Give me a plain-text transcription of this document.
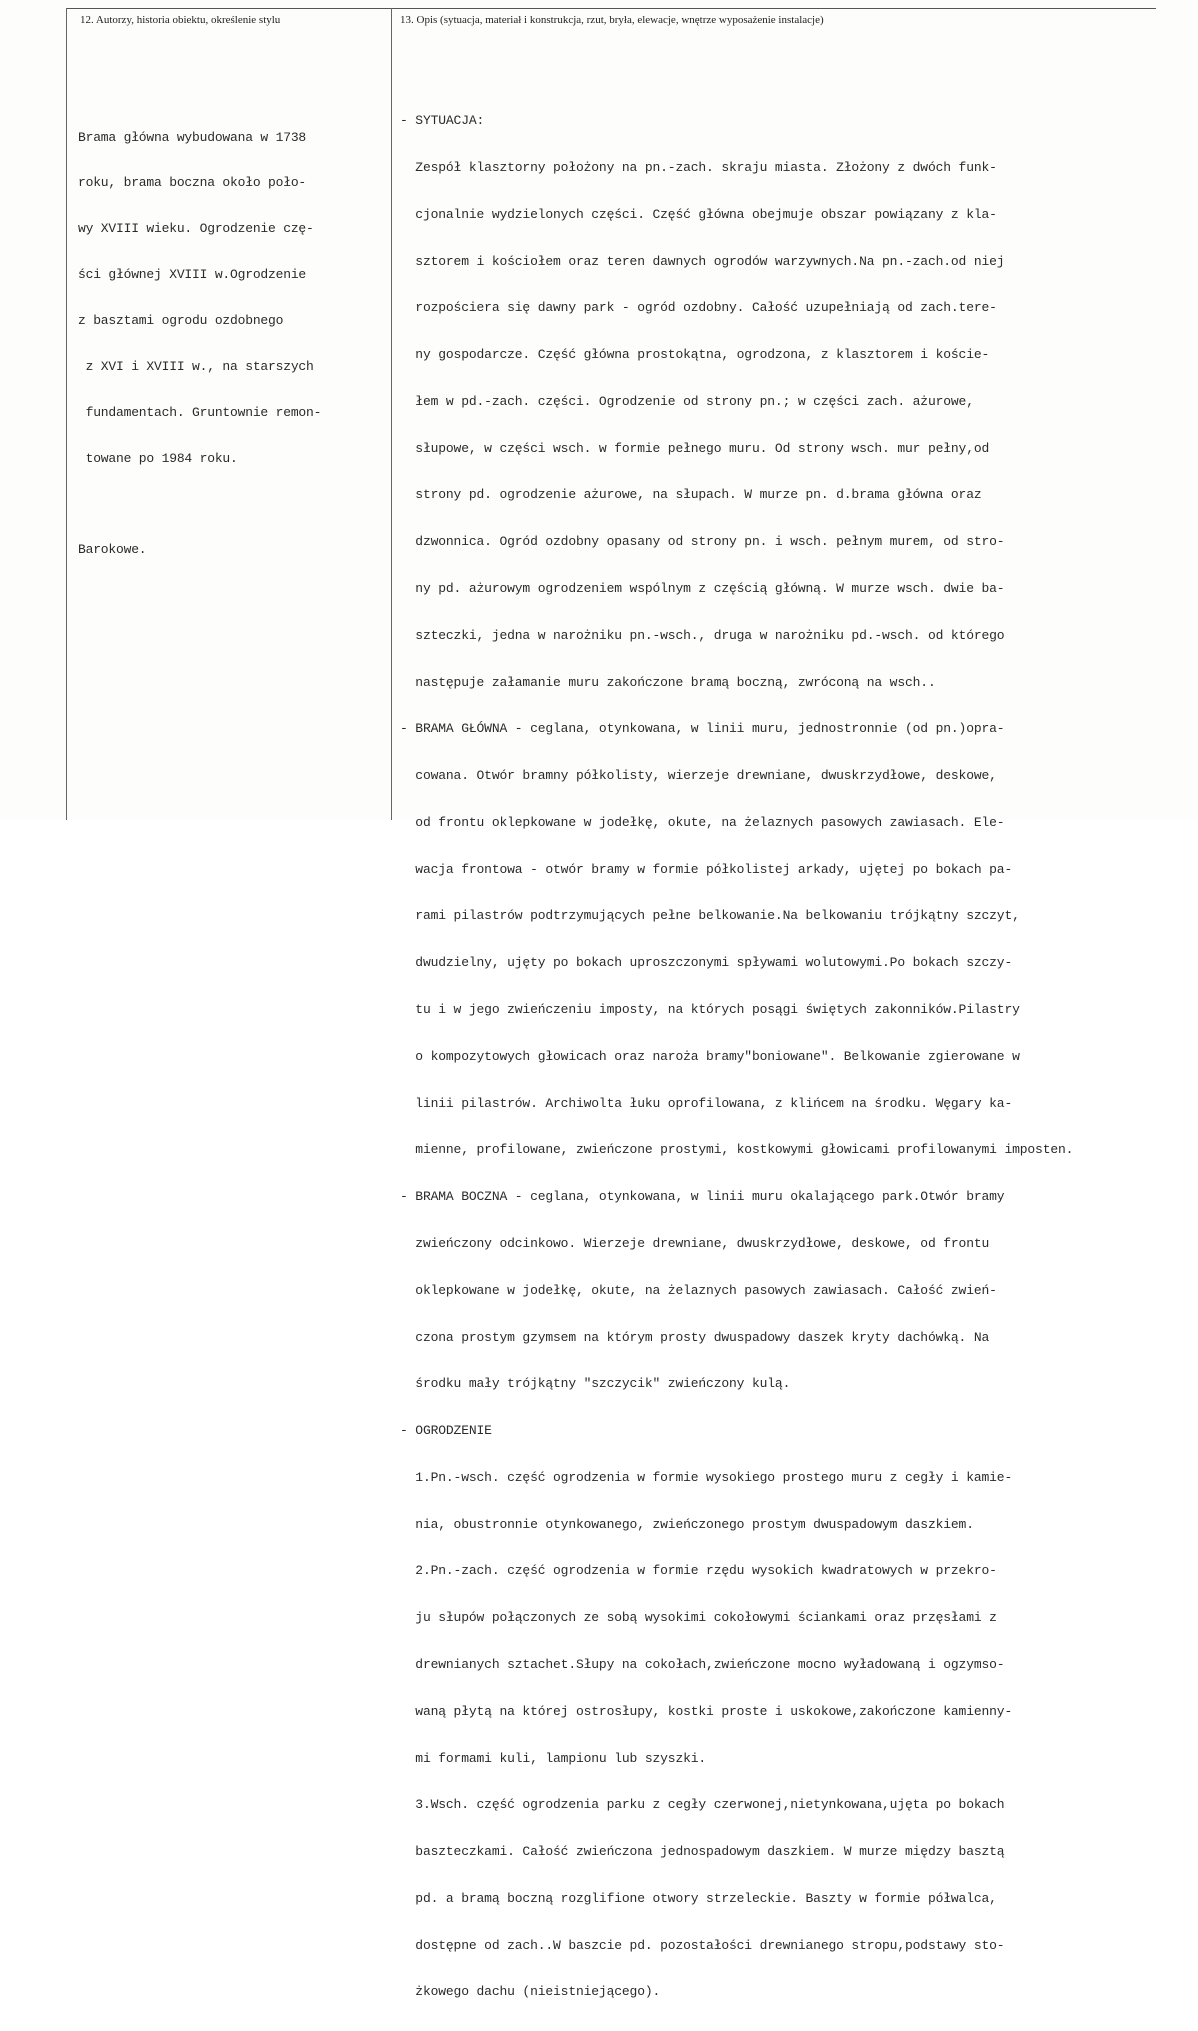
12. Autorzy, historia obiektu, określenie stylu	13. Opis (sytuacja, materiał i konstrukcja, rzut, bryła, elewacje, wnętrze wyposażenie instalacje)

Brama główna wybudowana w 1738

roku, brama boczna około poło-

wy XVIII wieku. Ogrodzenie czę-

ści głównej XVIII w.Ogrodzenie

z basztami ogrodu ozdobnego

z XVI i XVIII w., na starszych

fundamentach. Gruntownie remon-

towane po 1984 roku.

Barokowe.

- SYTUACJA:

Zespół klasztorny położony na pn.-zach. skraju miasta. Złożony z dwóch funk-

cjonalnie wydzielonych części. Część główna obejmuje obszar powiązany z kla-

sztorem i kościołem oraz teren dawnych ogrodów warzywnych.Na pn.-zach.od niej

rozpościera się dawny park - ogród ozdobny. Całość uzupełniają od zach.tere-

ny gospodarcze. Część główna prostokątna, ogrodzona, z klasztorem i koście-

łem w pd.-zach. części. Ogrodzenie od strony pn.; w części zach. ażurowe,

słupowe, w części wsch. w formie pełnego muru. Od strony wsch. mur pełny,od

strony pd. ogrodzenie ażurowe, na słupach. W murze pn. d.brama główna oraz

dzwonnica. Ogród ozdobny opasany od strony pn. i wsch. pełnym murem, od stro-

ny pd. ażurowym ogrodzeniem wspólnym z częścią główną. W murze wsch. dwie ba-

szteczki, jedna w narożniku pn.-wsch., druga w narożniku pd.-wsch. od którego

następuje załamanie muru zakończone bramą boczną, zwróconą na wsch..

- BRAMA GŁÓWNA - ceglana, otynkowana, w linii muru, jednostronnie (od pn.)opra-

cowana. Otwór bramny półkolisty, wierzeje drewniane, dwuskrzydłowe, deskowe,

od frontu oklepkowane w jodełkę, okute, na żelaznych pasowych zawiasach. Ele-

wacja frontowa - otwór bramy w formie półkolistej arkady, ujętej po bokach pa-

rami pilastrów podtrzymujących pełne belkowanie.Na belkowaniu trójkątny szczyt,

dwudzielny, ujęty po bokach uproszczonymi spływami wolutowymi.Po bokach szczy-

tu i w jego zwieńczeniu imposty, na których posągi świętych zakonników.Pilastry

o kompozytowych głowicach oraz naroża bramy"boniowane". Belkowanie zgierowane w

linii pilastrów. Archiwolta łuku oprofilowana, z klińcem na środku. Węgary ka-

mienne, profilowane, zwieńczone prostymi, kostkowymi głowicami profilowanymi imposten.

- BRAMA BOCZNA - ceglana, otynkowana, w linii muru okalającego park.Otwór bramy

zwieńczony odcinkowo. Wierzeje drewniane, dwuskrzydłowe, deskowe, od frontu

oklepkowane w jodełkę, okute, na żelaznych pasowych zawiasach. Całość zwień-

czona prostym gzymsem na którym prosty dwuspadowy daszek kryty dachówką. Na

środku mały trójkątny "szczycik" zwieńczony kulą.

- OGRODZENIE

1.Pn.-wsch. część ogrodzenia w formie wysokiego prostego muru z cegły i kamie-

nia, obustronnie otynkowanego, zwieńczonego prostym dwuspadowym daszkiem.

2.Pn.-zach. część ogrodzenia w formie rzędu wysokich kwadratowych w przekro-

ju słupów połączonych ze sobą wysokimi cokołowymi ściankami oraz przęsłami z

drewnianych sztachet.Słupy na cokołach,zwieńczone mocno wyładowaną i ogzymso-

waną płytą na której ostrosłupy, kostki proste i uskokowe,zakończone kamienny-

mi formami kuli, lampionu lub szyszki.

3.Wsch. część ogrodzenia parku z cegły czerwonej,nietynkowana,ujęta po bokach

baszteczkami. Całość zwieńczona jednospadowym daszkiem. W murze między basztą

pd. a bramą boczną rozglifione otwory strzeleckie. Baszty w formie półwalca,

dostępne od zach..W baszcie pd. pozostałości drewnianego stropu,podstawy sto-

żkowego dachu (nieistniejącego).
